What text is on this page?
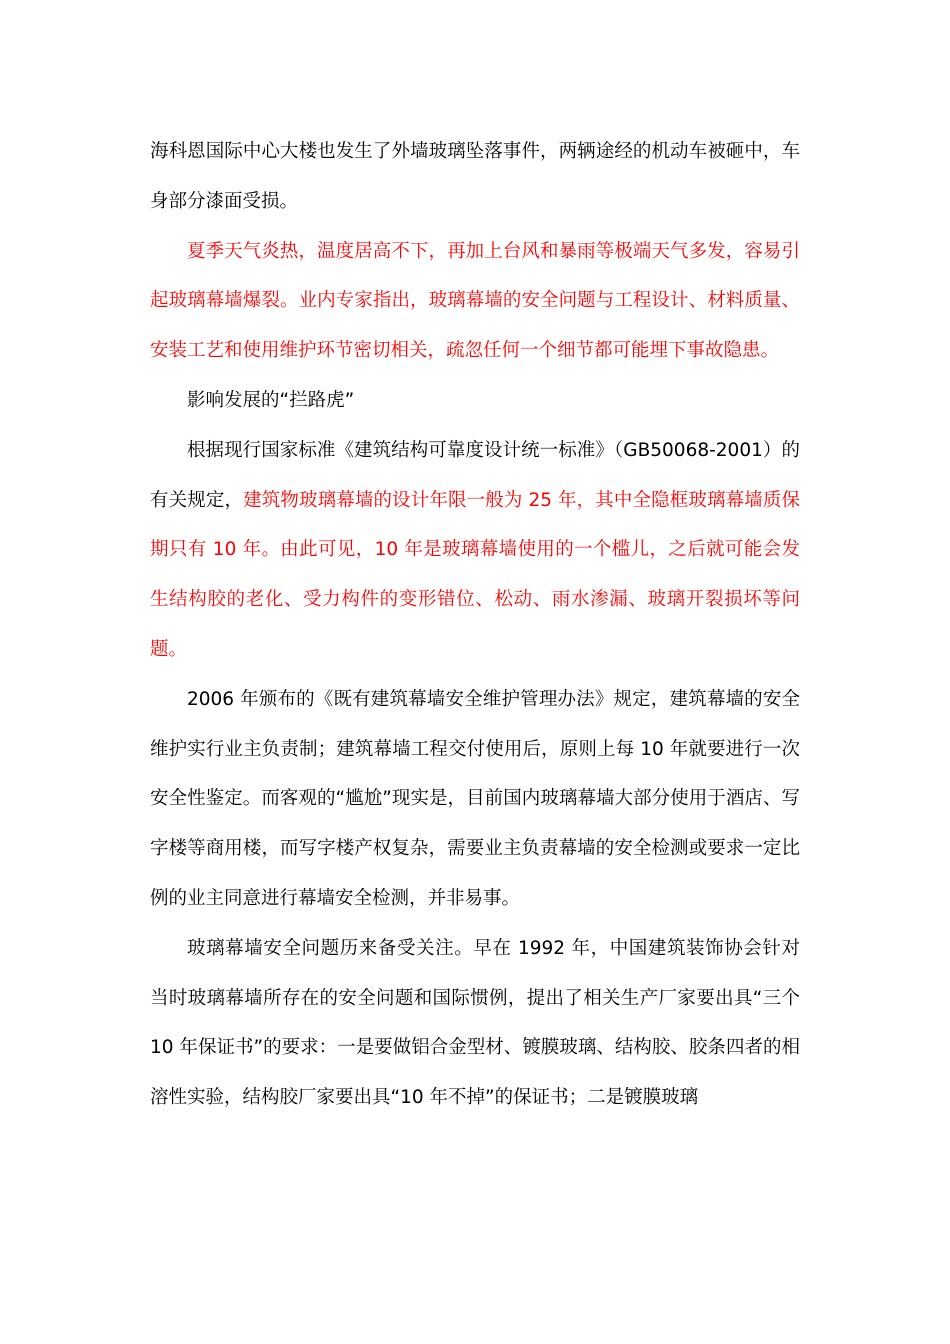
海科恩国际中心大楼也发生了外墙玻璃坠落事件，两辆途经的机动车被砸中，车身部分漆面受损。

夏季天气炎热，温度居高不下，再加上台风和暴雨等极端天气多发，容易引起玻璃幕墙爆裂。业内专家指出，玻璃幕墙的安全问题与工程设计、材料质量、安装工艺和使用维护环节密切相关，疏忽任何一个细节都可能埋下事故隐患。

影响发展的“拦路虎”

根据现行国家标准《建筑结构可靠度设计统一标准》（GB50068-2001）的有关规定，建筑物玻璃幕墙的设计年限一般为 25 年，其中全隐框玻璃幕墙质保期只有 10 年。由此可见，10 年是玻璃幕墙使用的一个槛儿，之后就可能会发生结构胶的老化、受力构件的变形错位、松动、雨水渗漏、玻璃开裂损坏等问题。

2006 年颁布的《既有建筑幕墙安全维护管理办法》规定，建筑幕墙的安全维护实行业主负责制；建筑幕墙工程交付使用后，原则上每 10 年就要进行一次安全性鉴定。而客观的“尴尬”现实是，目前国内玻璃幕墙大部分使用于酒店、写字楼等商用楼，而写字楼产权复杂，需要业主负责幕墙的安全检测或要求一定比例的业主同意进行幕墙安全检测，并非易事。

玻璃幕墙安全问题历来备受关注。早在 1992 年，中国建筑装饰协会针对当时玻璃幕墙所存在的安全问题和国际惯例，提出了相关生产厂家要出具“三个 10 年保证书”的要求：一是要做铝合金型材、镀膜玻璃、结构胶、胶条四者的相溶性实验，结构胶厂家要出具“10 年不掉”的保证书；二是镀膜玻璃
